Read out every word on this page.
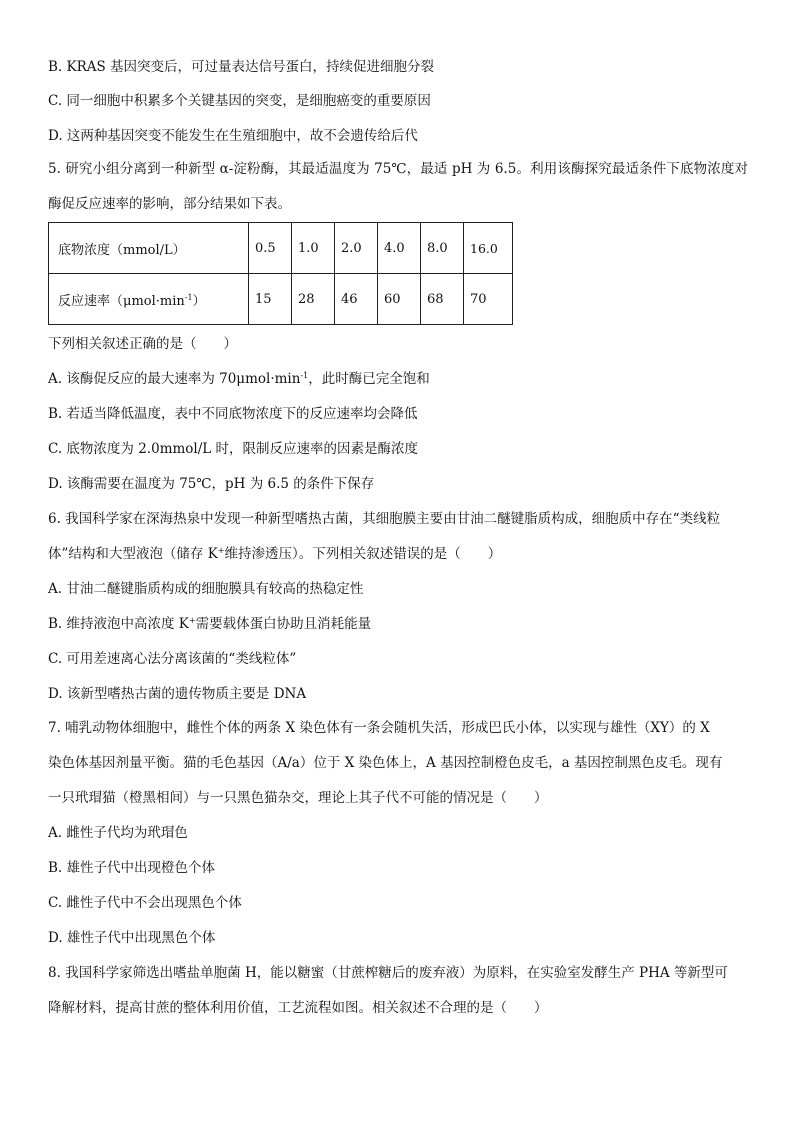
B. KRAS 基因突变后，可过量表达信号蛋白，持续促进细胞分裂
C. 同一细胞中积累多个关键基因的突变，是细胞癌变的重要原因
D. 这两种基因突变不能发生在生殖细胞中，故不会遗传给后代
5. 研究小组分离到一种新型 α-淀粉酶，其最适温度为 75℃，最适 pH 为 6.5。利用该酶探究最适条件下底物浓度对酶促反应速率的影响，部分结果如下表。
底物浓度（mmol/L）	0.5	1.0	2.0	4.0	8.0	16.0
反应速率$(\mu mol\cdot\min^{-1})$	15	28	46	60	68	70
下列相关叙述正确的是（　　）
A. 该酶促反应的最大速率为 $70\mu mol\cdot\min^{-1}$，此时酶已完全饱和
B. 若适当降低温度，表中不同底物浓度下的反应速率均会降低
C. 底物浓度为 2.0mmol/L 时，限制反应速率的因素是酶浓度
D. 该酶需要在温度为 75℃，pH 为 6.5 的条件下保存
6. 我国科学家在深海热泉中发现一种新型嗜热古菌，其细胞膜主要由甘油二醚键脂质构成，细胞质中存在“类线粒
体”结构和大型液泡（储存 K+维持渗透压）。下列相关叙述错误的是（　　）
A. 甘油二醚键脂质构成的细胞膜具有较高的热稳定性
B. 维持液泡中高浓度 K+需要载体蛋白协助且消耗能量
C. 可用差速离心法分离该菌的“类线粒体”
D. 该新型嗜热古菌的遗传物质主要是 DNA
7. 哺乳动物体细胞中，雌性个体的两条 X 染色体有一条会随机失活，形成巴氏小体，以实现与雄性（XY）的 X
染色体基因剂量平衡。猫的毛色基因（A/a）位于 X 染色体上，A 基因控制橙色皮毛，a 基因控制黑色皮毛。现有
一只玳瑁猫（橙黑相间）与一只黑色猫杂交，理论上其子代不可能的情况是（　　）
A. 雌性子代均为玳瑁色
B. 雄性子代中出现橙色个体
C. 雌性子代中不会出现黑色个体
D. 雄性子代中出现黑色个体
8. 我国科学家筛选出嗜盐单胞菌 H，能以糖蜜（甘蔗榨糖后的废弃液）为原料，在实验室发酵生产 PHA 等新型可
降解材料，提高甘蔗的整体利用价值，工艺流程如图。相关叙述不合理的是（　　）
